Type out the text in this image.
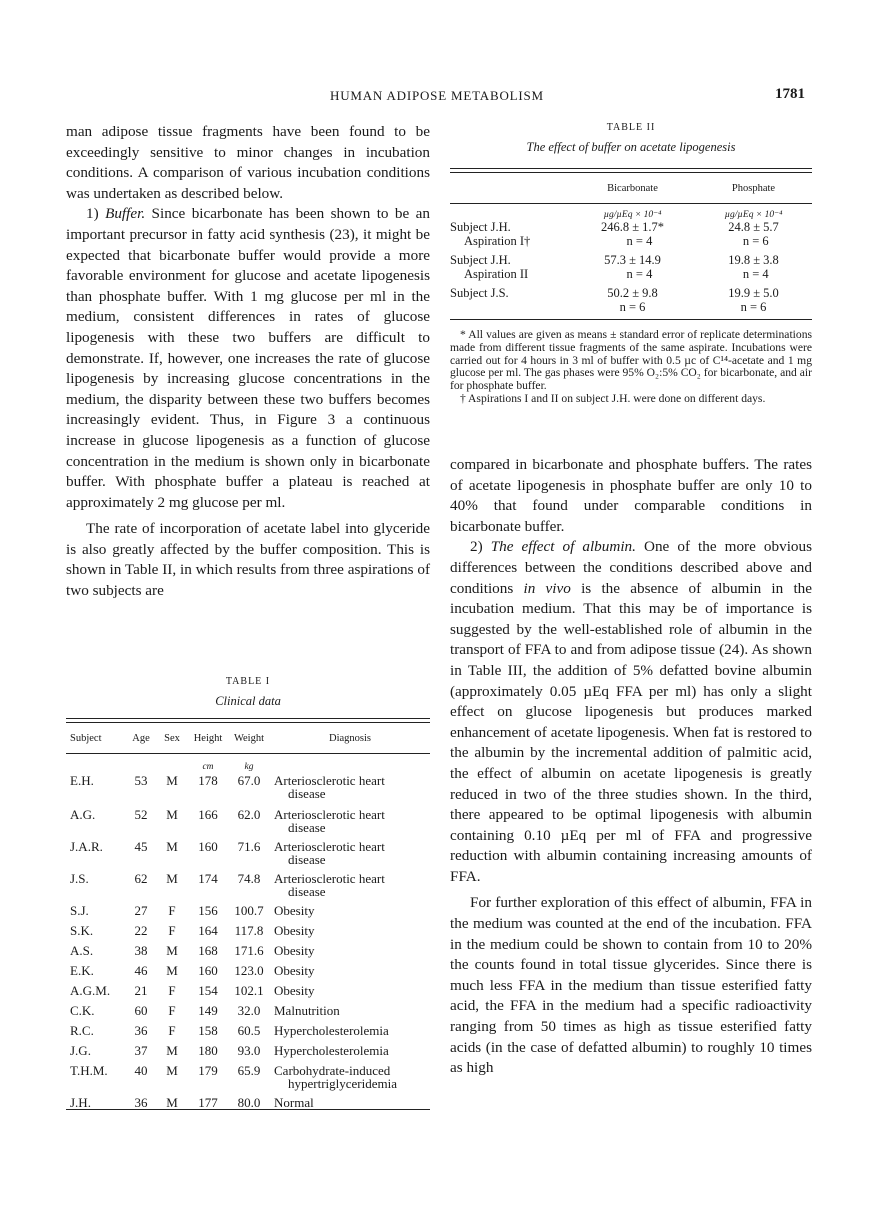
HUMAN ADIPOSE METABOLISM	1781

man adipose tissue fragments have been found to be exceedingly sensitive to minor changes in incubation conditions. A comparison of various incubation conditions was undertaken as described below.

1) Buffer. Since bicarbonate has been shown to be an important precursor in fatty acid synthesis (23), it might be expected that bicarbonate buffer would provide a more favorable environment for glucose and acetate lipogenesis than phosphate buffer. With 1 mg glucose per ml in the medium, consistent differences in rates of glucose lipogenesis with these two buffers are difficult to demonstrate. If, however, one increases the rate of glucose lipogenesis by increasing glucose concentrations in the medium, the disparity between these two buffers becomes increasingly evident. Thus, in Figure 3 a continuous increase in glucose lipogenesis as a function of glucose concentration in the medium is shown only in bicarbonate buffer. With phosphate buffer a plateau is reached at approximately 2 mg glucose per ml.

The rate of incorporation of acetate label into glyceride is also greatly affected by the buffer composition. This is shown in Table II, in which results from three aspirations of two subjects are

TABLE II
The effect of buffer on acetate lipogenesis
Bicarbonate	Phosphate
µg/µEq × 10⁻⁴	µg/µEq × 10⁻⁴
Subject J.H.	246.8 ± 1.7*	24.8 ± 5.7
Aspiration I†	n = 4	n = 6
Subject J.H.	57.3 ± 14.9	19.8 ± 3.8
Aspiration II	n = 4	n = 4
Subject J.S.	50.2 ± 9.8	19.9 ± 5.0
n = 6	n = 6

* All values are given as means ± standard error of replicate determinations made from different tissue fragments of the same aspirate. Incubations were carried out for 4 hours in 3 ml of buffer with 0.5 µc of C¹⁴-acetate and 1 mg glucose per ml. The gas phases were 95% O₂:5% CO₂ for bicarbonate, and air for phosphate buffer.

† Aspirations I and II on subject J.H. were done on different days.

compared in bicarbonate and phosphate buffers. The rates of acetate lipogenesis in phosphate buffer are only 10 to 40% that found under comparable conditions in bicarbonate buffer.

2) The effect of albumin. One of the more obvious differences between the conditions described above and conditions in vivo is the absence of albumin in the incubation medium. That this may be of importance is suggested by the well-established role of albumin in the transport of FFA to and from adipose tissue (24). As shown in Table III, the addition of 5% defatted bovine albumin (approximately 0.05 µEq FFA per ml) has only a slight effect on glucose lipogenesis but produces marked enhancement of acetate lipogenesis. When fat is restored to the albumin by the incremental addition of palmitic acid, the effect of albumin on acetate lipogenesis is greatly reduced in two of the three studies shown. In the third, there appeared to be optimal lipogenesis with albumin containing 0.10 µEq per ml of FFA and progressive reduction with albumin containing increasing amounts of FFA.

For further exploration of this effect of albumin, FFA in the medium was counted at the end of the incubation. FFA in the medium could be shown to contain from 10 to 20% the counts found in total tissue glycerides. Since there is much less FFA in the medium than tissue esterified fatty acid, the FFA in the medium had a specific radioactivity ranging from 50 times as high as tissue esterified fatty acids (in the case of defatted albumin) to roughly 10 times as high

TABLE I
Clinical data
Subject	Age	Sex	Height	Weight	Diagnosis
cm	kg
E.H.	53	M	178	67.0	Arteriosclerotic heart
disease
A.G.	52	M	166	62.0	Arteriosclerotic heart
disease
J.A.R.	45	M	160	71.6	Arteriosclerotic heart
disease
J.S.	62	M	174	74.8	Arteriosclerotic heart
disease
S.J.	27	F	156	100.7 Obesity
S.K.	22	F	164	117.8 Obesity
A.S.	38	M	168	171.6 Obesity
E.K.	46	M	160	123.0 Obesity
A.G.M.	21	F	154	102.1 Obesity
C.K.	60	F	149	32.0	Malnutrition
R.C.	36	F	158	60.5	Hypercholesterolemia
J.G.	37	M	180	93.0	Hypercholesterolemia
T.H.M.	40	M	179	65.9	Carbohydrate-induced
hypertriglyceridemia
J.H.	36	M	177	80.0	Normal
